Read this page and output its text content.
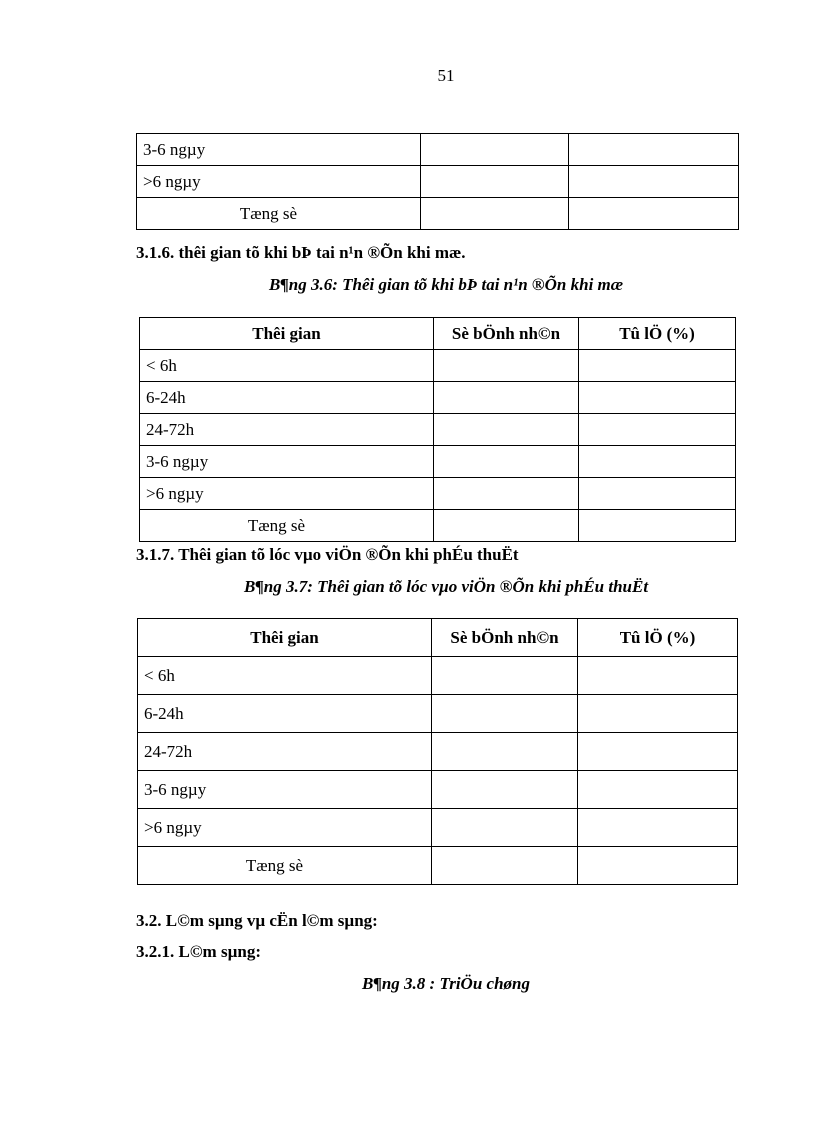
51
3-6 ngµy		
>6 ngµy		
Tæng sè		
3.1.6. thêi gian tõ khi bÞ tai n¹n ®Õn khi mæ.
B¶ng 3.6: Thêi gian tõ khi bÞ tai n¹n ®Õn khi mæ
Thêi gian	Sè bÖnh nh©n	Tû lÖ (%)
< 6h		
6-24h		
24-72h		
3-6 ngµy		
>6 ngµy		
Tæng sè		
3.1.7. Thêi gian tõ lóc vµo viÖn ®Õn khi phÉu thuËt
B¶ng 3.7: Thêi gian tõ lóc vµo viÖn ®Õn khi phÉu thuËt
Thêi gian	Sè bÖnh nh©n	Tû lÖ (%)
< 6h		
6-24h		
24-72h		
3-6 ngµy		
>6 ngµy		
Tæng sè		
3.2. L©m sµng vµ cËn l©m sµng:
3.2.1. L©m sµng:
B¶ng 3.8 : TriÖu chøng
